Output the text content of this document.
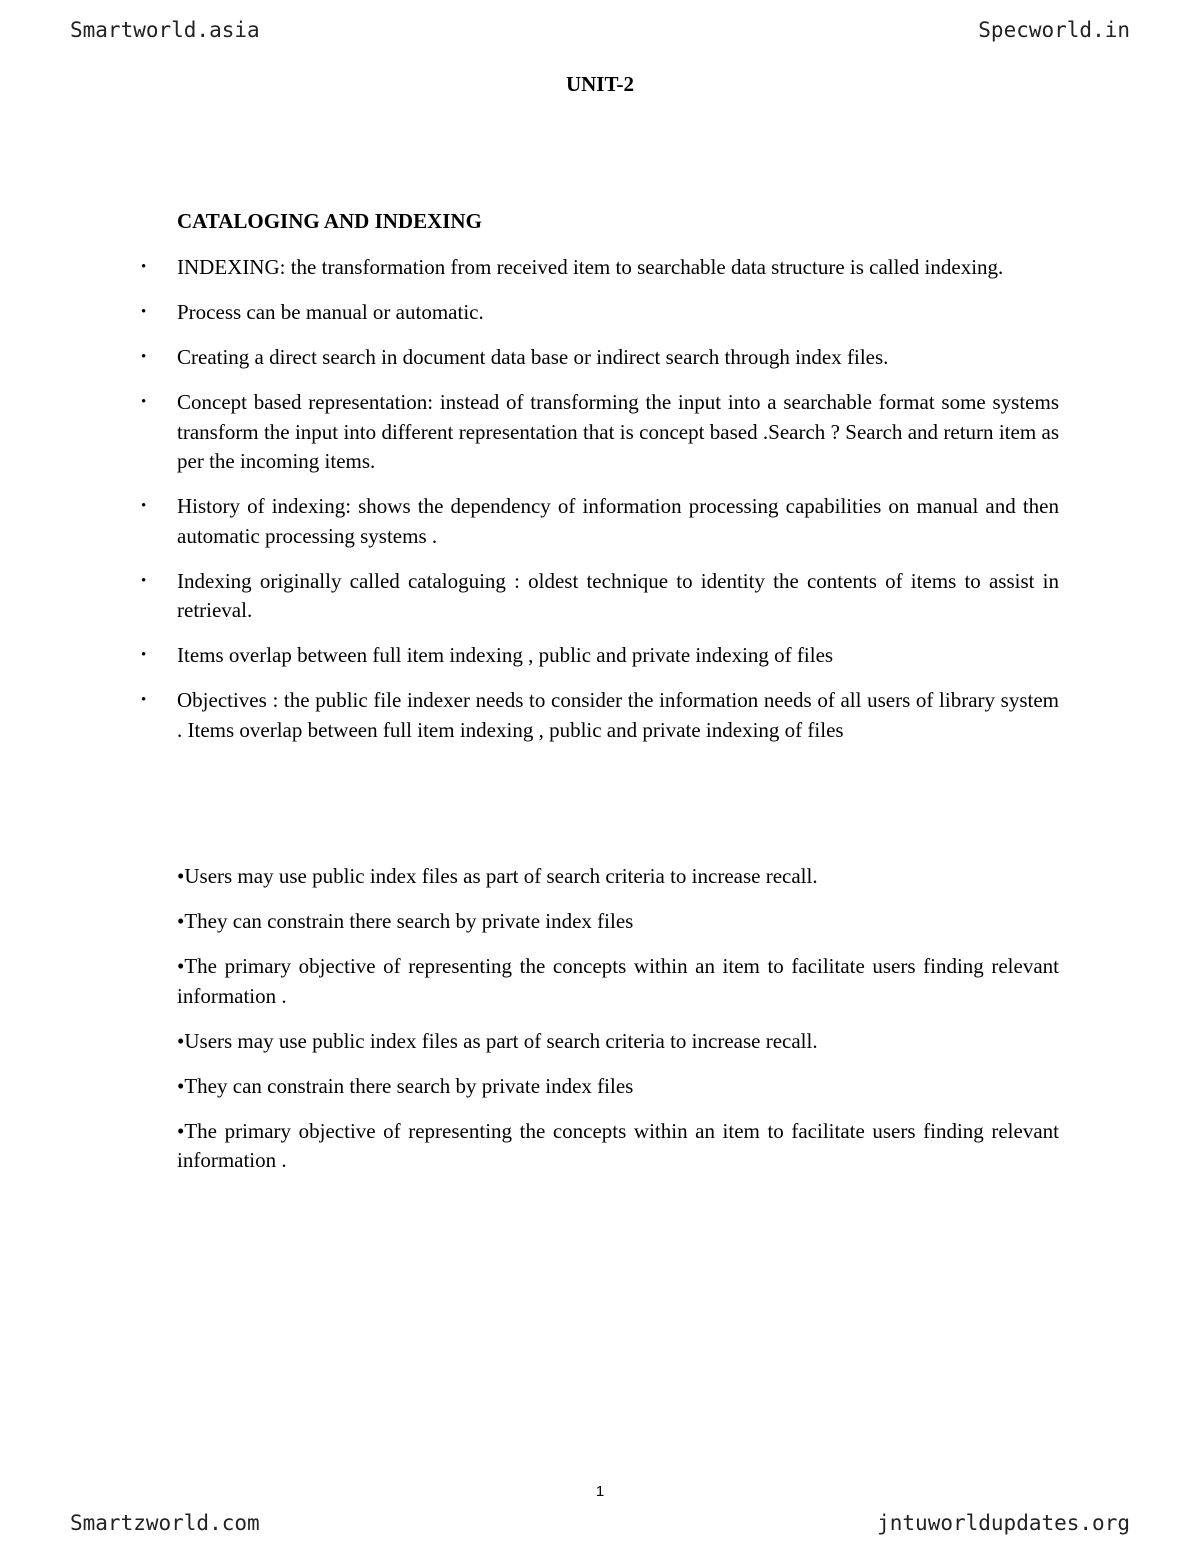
Smartworld.asia	Specworld.in
UNIT-2
CATALOGING AND INDEXING
• INDEXING: the transformation from received item to searchable data structure is called indexing.
• Process can be manual or automatic.
• Creating a direct search in document data base or indirect search through index files.
• Concept based representation: instead of transforming the input into a searchable format some systems transform the input into different representation that is concept based .Search ? Search and return item as per the incoming items.
• History of indexing: shows the dependency of information processing capabilities on manual and then automatic processing systems .
• Indexing originally called cataloguing : oldest technique to identity the contents of items to assist in retrieval.
• Items overlap between full item indexing , public and private indexing of files
• Objectives : the public file indexer needs to consider the information needs of all users of library system . Items overlap between full item indexing , public and private indexing of files
•Users may use public index files as part of search criteria to increase recall.
•They can constrain there search by private index files
•The primary objective of representing the concepts within an item to facilitate users finding relevant information .
•Users may use public index files as part of search criteria to increase recall.
•They can constrain there search by private index files
•The primary objective of representing the concepts within an item to facilitate users finding relevant information .
1
Smartzworld.com	jntuworldupdates.org
